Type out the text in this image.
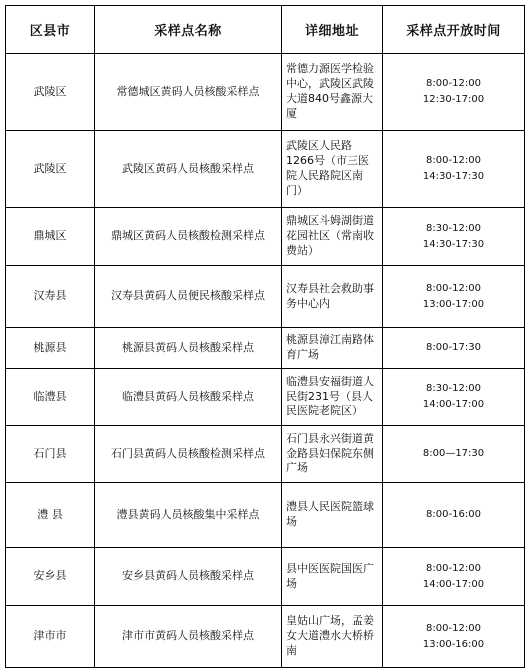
区县市	采样点名称	详细地址	采样点开放时间
武陵区	常德城区黄码人员核酸采样点	常德力源医学检验中心，武陵区武陵大道840号鑫源大厦	8:00-12:00
12:30-17:00

武陵区	武陵区黄码人员核酸采样点	武陵区人民路1266号（市三医院人民路院区南门）	8:00-12:00
14:30-17:30

鼎城区	鼎城区黄码人员核酸检测采样点	鼎城区斗姆湖街道花园社区（常南收费站）	8:30-12:00
14:30-17:30

汉寿县	汉寿县黄码人员便民核酸采样点	汉寿县社会救助事务中心内	8:00-12:00
13:00-17:00

桃源县	桃源县黄码人员核酸采样点	桃源县漳江南路体育广场	8:00-17:30

临澧县	临澧县黄码人员核酸采样点	临澧县安福街道人民街231号（县人民医院老院区）	8:30-12:00
14:00-17:00

石门县	石门县黄码人员核酸检测采样点	石门县永兴街道黄金路县妇保院东侧广场	8:00—17:30

澧 县	澧县黄码人员核酸集中采样点	澧县人民医院篮球场	8:00-16:00

安乡县	安乡县黄码人员核酸采样点	县中医医院国医广场	8:00-12:00
14:00-17:00

津市市	津市市黄码人员核酸采样点	皇姑山广场，孟姜女大道澧水大桥桥南	8:00-12:00
13:00-16:00
